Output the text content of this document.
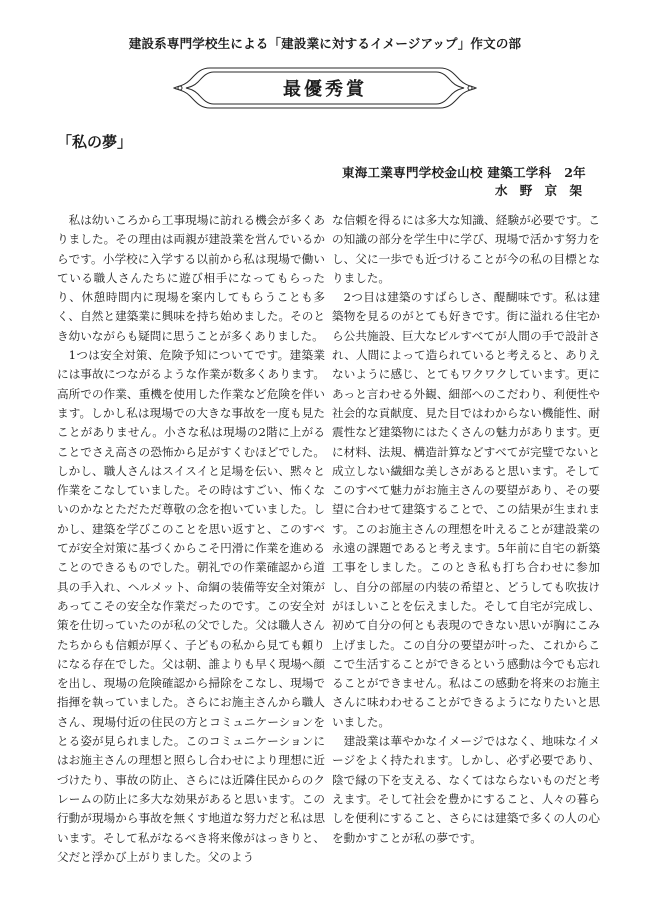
建設系専門学校生による「建設業に対するイメージアップ」作文の部
最優秀賞
「私の夢」
東海工業専門学校金山校 建築工学科　2年
水 野 京 架

私は幼いころから工事現場に訪れる機会が多くありました。その理由は両親が建設業を営んでいるからです。小学校に入学する以前から私は現場で働いている職人さんたちに遊び相手になってもらったり、休憩時間内に現場を案内してもらうことも多く、自然と建築業に興味を持ち始めました。そのとき幼いながらも疑問に思うことが多くありました。

1つは安全対策、危険予知についてです。建築業には事故につながるような作業が数多くあります。高所での作業、重機を使用した作業など危険を伴います。しかし私は現場での大きな事故を一度も見たことがありません。小さな私は現場の2階に上がることでさえ高さの恐怖から足がすくむほどでした。しかし、職人さんはスイスイと足場を伝い、黙々と作業をこなしていました。その時はすごい、怖くないのかなとただただ尊敬の念を抱いていました。しかし、建築を学びこのことを思い返すと、このすべてが安全対策に基づくからこそ円滑に作業を進めることのできるものでした。朝礼での作業確認から道具の手入れ、ヘルメット、命綱の装備等安全対策があってこその安全な作業だったのです。この安全対策を仕切っていたのが私の父でした。父は職人さんたちからも信頼が厚く、子どもの私から見ても頼りになる存在でした。父は朝、誰よりも早く現場へ顔を出し、現場の危険確認から掃除をこなし、現場で指揮を執っていました。さらにお施主さんから職人さん、現場付近の住民の方とコミュニケーションをとる姿が見られました。このコミュニケーションにはお施主さんの理想と照らし合わせにより理想に近づけたり、事故の防止、さらには近隣住民からのクレームの防止に多大な効果があると思います。この行動が現場から事故を無くす地道な努力だと私は思います。そして私がなるべき将来像がはっきりと、父だと浮かび上がりました。父のよう

な信頼を得るには多大な知識、経験が必要です。この知識の部分を学生中に学び、現場で活かす努力をし、父に一歩でも近づけることが今の私の目標となりました。

2つ目は建築のすばらしさ、醍醐味です。私は建築物を見るのがとても好きです。街に溢れる住宅から公共施設、巨大なビルすべてが人間の手で設計され、人間によって造られていると考えると、ありえないように感じ、とてもワクワクしています。更にあっと言わせる外観、細部へのこだわり、利便性や社会的な貢献度、見た目ではわからない機能性、耐震性など建築物にはたくさんの魅力があります。更に材料、法規、構造計算などすべてが完璧でないと成立しない繊細な美しさがあると思います。そしてこのすべて魅力がお施主さんの要望があり、その要望に合わせて建築することで、この結果が生まれます。このお施主さんの理想を叶えることが建設業の永遠の課題であると考えます。5年前に自宅の新築工事をしました。このとき私も打ち合わせに参加し、自分の部屋の内装の希望と、どうしても吹抜けがほしいことを伝えました。そして自宅が完成し、初めて自分の何とも表現のできない思いが胸にこみ上げました。この自分の要望が叶った、これからここで生活することができるという感動は今でも忘れることができません。私はこの感動を将来のお施主さんに味わわせることができるようになりたいと思いました。

建設業は華やかなイメージではなく、地味なイメージをよく持たれます。しかし、必ず必要であり、陰で縁の下を支える、なくてはならないものだと考えます。そして社会を豊かにすること、人々の暮らしを便利にすること、さらには建築で多くの人の心を動かすことが私の夢です。
